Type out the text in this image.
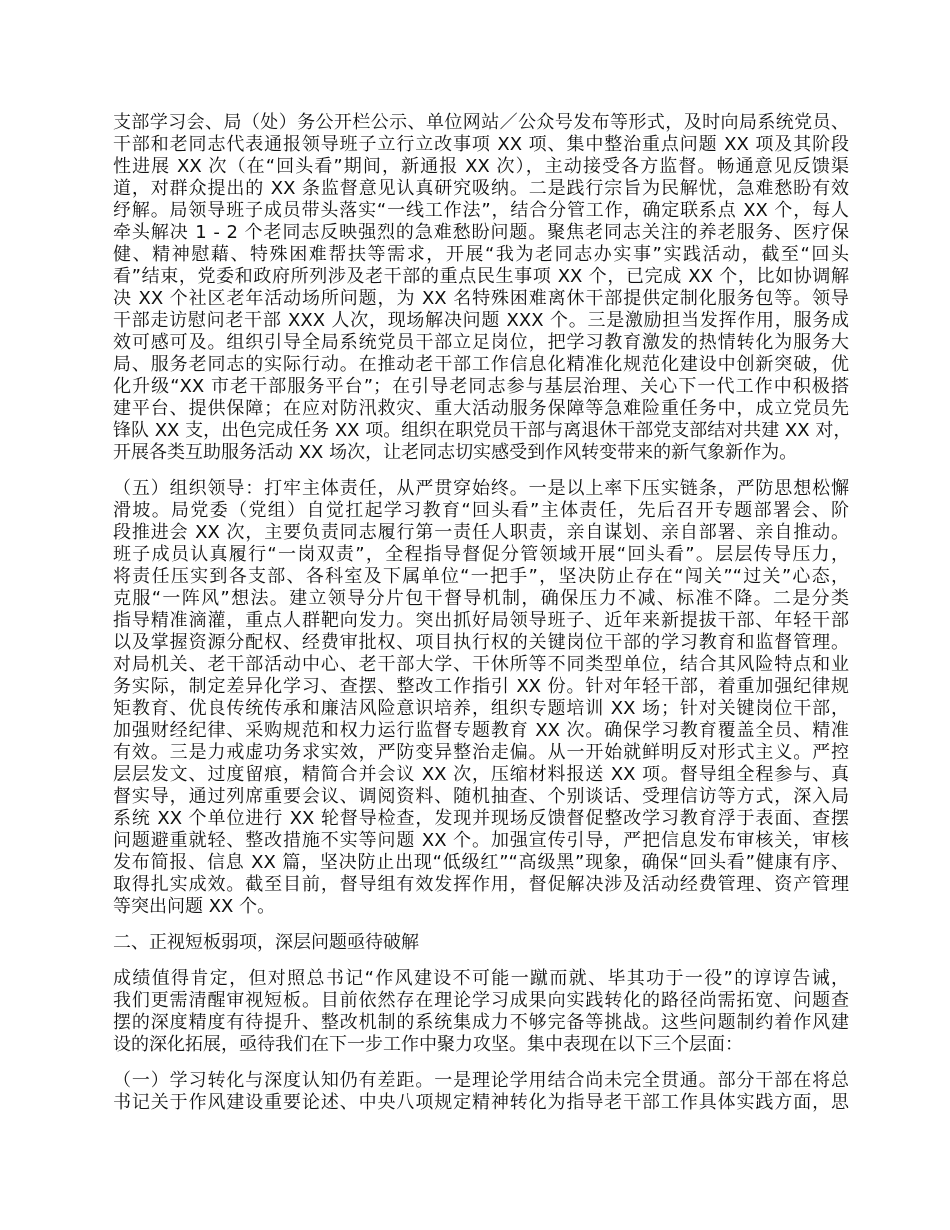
支部学习会、局（处）务公开栏公示、单位网站／公众号发布等形式，及时向局系统党员、
干部和老同志代表通报领导班子立行立改事项 XX 项、集中整治重点问题 XX 项及其阶段
性进展 XX 次（在“回头看”期间，新通报 XX 次），主动接受各方监督。畅通意见反馈渠
道，对群众提出的 XX 条监督意见认真研究吸纳。二是践行宗旨为民解忧，急难愁盼有效
纾解。局领导班子成员带头落实“一线工作法”，结合分管工作，确定联系点 XX 个，每人
牵头解决 1 - 2 个老同志反映强烈的急难愁盼问题。聚焦老同志关注的养老服务、医疗保
健、精神慰藉、特殊困难帮扶等需求，开展“我为老同志办实事”实践活动，截至“回头
看”结束，党委和政府所列涉及老干部的重点民生事项 XX 个，已完成 XX 个，比如协调解
决 XX 个社区老年活动场所问题，为 XX 名特殊困难离休干部提供定制化服务包等。领导
干部走访慰问老干部 XXX 人次，现场解决问题 XXX 个。三是激励担当发挥作用，服务成
效可感可及。组织引导全局系统党员干部立足岗位，把学习教育激发的热情转化为服务大
局、服务老同志的实际行动。在推动老干部工作信息化精准化规范化建设中创新突破，优
化升级“XX 市老干部服务平台”；在引导老同志参与基层治理、关心下一代工作中积极搭
建平台、提供保障；在应对防汛救灾、重大活动服务保障等急难险重任务中，成立党员先
锋队 XX 支，出色完成任务 XX 项。组织在职党员干部与离退休干部党支部结对共建 XX 对，
开展各类互助服务活动 XX 场次，让老同志切实感受到作风转变带来的新气象新作为。
（五）组织领导：打牢主体责任，从严贯穿始终。一是以上率下压实链条，严防思想松懈
滑坡。局党委（党组）自觉扛起学习教育“回头看”主体责任，先后召开专题部署会、阶
段推进会 XX 次，主要负责同志履行第一责任人职责，亲自谋划、亲自部署、亲自推动。
班子成员认真履行“一岗双责”，全程指导督促分管领域开展“回头看”。层层传导压力，
将责任压实到各支部、各科室及下属单位“一把手”，坚决防止存在“闯关”“过关”心态，
克服“一阵风”想法。建立领导分片包干督导机制，确保压力不减、标准不降。二是分类
指导精准滴灌，重点人群靶向发力。突出抓好局领导班子、近年来新提拔干部、年轻干部
以及掌握资源分配权、经费审批权、项目执行权的关键岗位干部的学习教育和监督管理。
对局机关、老干部活动中心、老干部大学、干休所等不同类型单位，结合其风险特点和业
务实际，制定差异化学习、查摆、整改工作指引 XX 份。针对年轻干部，着重加强纪律规
矩教育、优良传统传承和廉洁风险意识培养，组织专题培训 XX 场；针对关键岗位干部，
加强财经纪律、采购规范和权力运行监督专题教育 XX 次。确保学习教育覆盖全员、精准
有效。三是力戒虚功务求实效，严防变异整治走偏。从一开始就鲜明反对形式主义。严控
层层发文、过度留痕，精简合并会议 XX 次，压缩材料报送 XX 项。督导组全程参与、真
督实导，通过列席重要会议、调阅资料、随机抽查、个别谈话、受理信访等方式，深入局
系统 XX 个单位进行 XX 轮督导检查，发现并现场反馈督促整改学习教育浮于表面、查摆
问题避重就轻、整改措施不实等问题 XX 个。加强宣传引导，严把信息发布审核关，审核
发布简报、信息 XX 篇，坚决防止出现“低级红”“高级黑”现象，确保“回头看”健康有序、
取得扎实成效。截至目前，督导组有效发挥作用，督促解决涉及活动经费管理、资产管理
等突出问题 XX 个。
二、正视短板弱项，深层问题亟待破解
成绩值得肯定，但对照总书记“作风建设不可能一蹴而就、毕其功于一役”的谆谆告诫，
我们更需清醒审视短板。目前依然存在理论学习成果向实践转化的路径尚需拓宽、问题查
摆的深度精度有待提升、整改机制的系统集成力不够完备等挑战。这些问题制约着作风建
设的深化拓展，亟待我们在下一步工作中聚力攻坚。集中表现在以下三个层面：
（一）学习转化与深度认知仍有差距。一是理论学用结合尚未完全贯通。部分干部在将总
书记关于作风建设重要论述、中央八项规定精神转化为指导老干部工作具体实践方面，思
